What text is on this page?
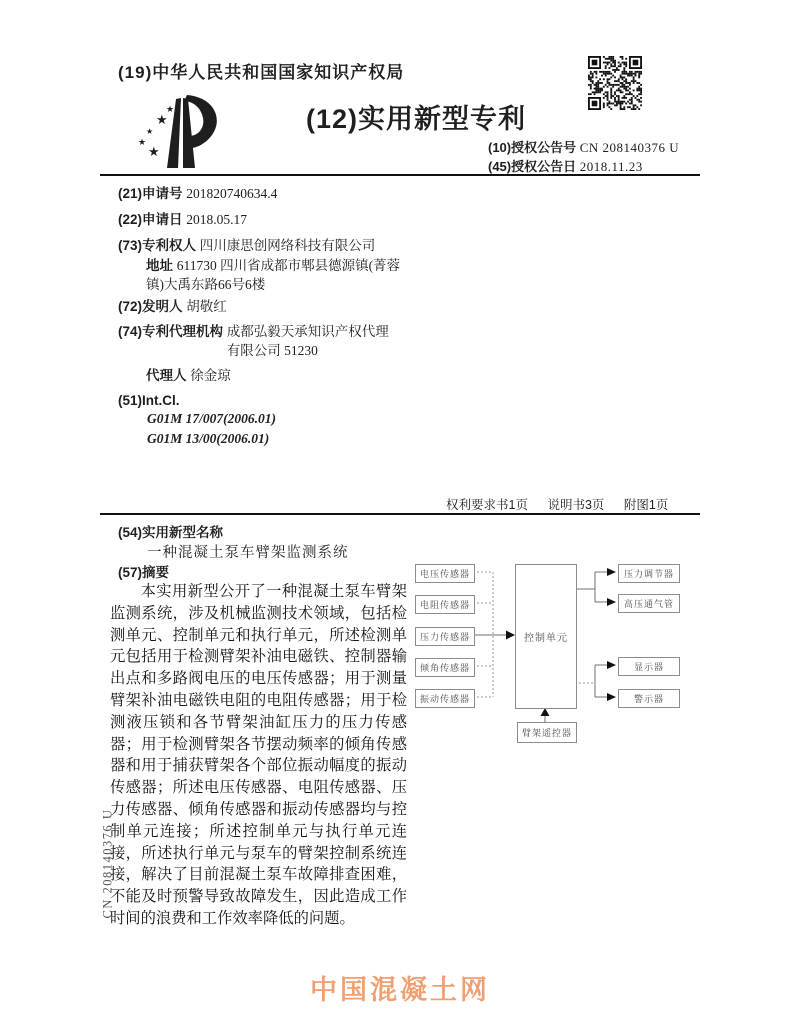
(19)中华人民共和国国家知识产权局
★
★
★
★
★
(12)实用新型专利
(10)授权公告号 CN 208140376 U
(45)授权公告日 2018.11.23
(21)申请号 201820740634.4
(22)申请日 2018.05.17
(73)专利权人 四川康思创网络科技有限公司
地址 611730 四川省成都市郫县德源镇(菁蓉镇)大禹东路66号6楼
(72)发明人 胡敬红
(74)专利代理机构 成都弘毅天承知识产权代理有限公司 51230
代理人 徐金琼
(51)Int.Cl.
G01M 17/007(2006.01)
G01M 13/00(2006.01)
权利要求书1页 说明书3页 附图1页
(54)实用新型名称
一种混凝土泵车臂架监测系统
(57)摘要
本实用新型公开了一种混凝土泵车臂架监测系统，涉及机械监测技术领域，包括检测单元、控制单元和执行单元，所述检测单元包括用于检测臂架补油电磁铁、控制器输出点和多路阀电压的电压传感器；用于测量臂架补油电磁铁电阻的电阻传感器；用于检测液压锁和各节臂架油缸压力的压力传感器；用于检测臂架各节摆动频率的倾角传感器和用于捕获臂架各个部位振动幅度的振动传感器；所述电压传感器、电阻传感器、压力传感器、倾角传感器和振动传感器均与控制单元连接；所述控制单元与执行单元连接，所述执行单元与泵车的臂架控制系统连接，解决了目前混凝土泵车故障排查困难，不能及时预警导致故障发生，因此造成工作时间的浪费和工作效率降低的问题。
电压传感器
电阻传感器
压力传感器
倾角传感器
振动传感器
控制单元
压力调节器
高压通气管
显示器
警示器
臂架遥控器
CN 208140376 U
中国混凝土网
